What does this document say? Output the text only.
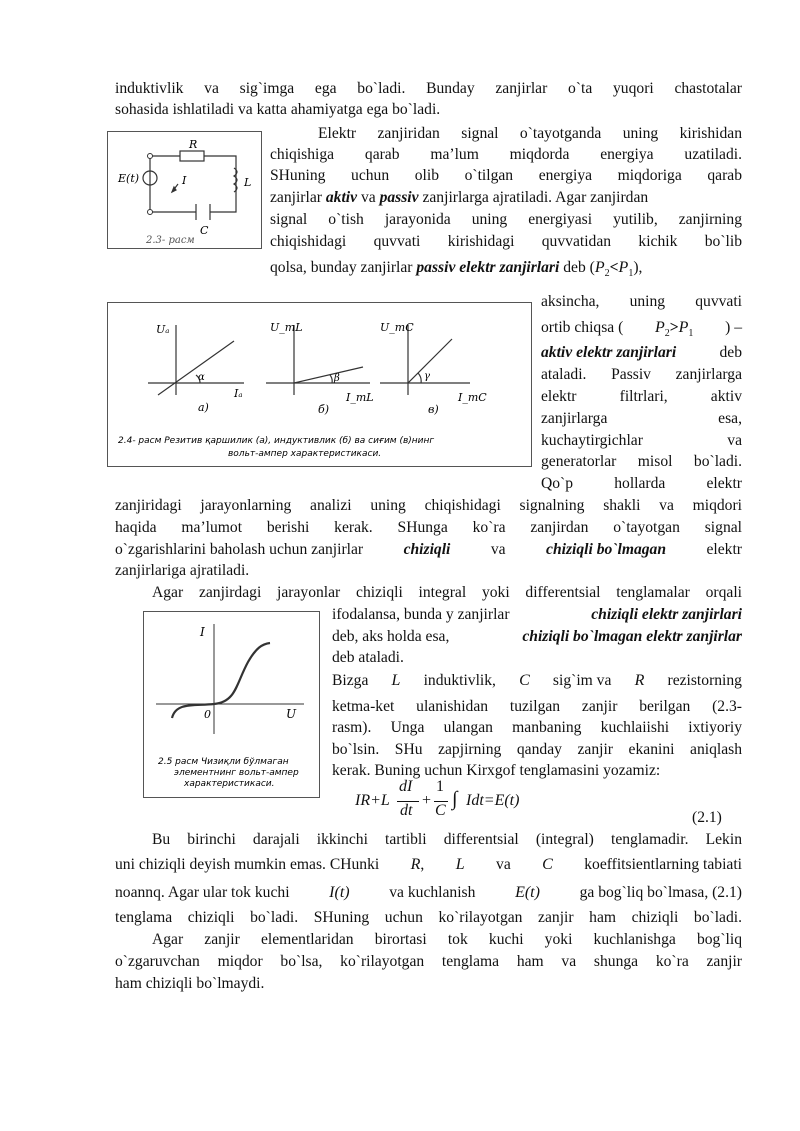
induktivlik va sig`imga ega bo`ladi. Bunday zanjirlar o`ta yuqori chastotalar
sohasida ishlatiladi va katta ahamiyatga ega bo`ladi.
R
L
C
E(t)	I
2.3- расм
Elektr zanjiridan signal o`tayotganda uning kirishidan
chiqishiga qarab ma’lum miqdorda energiya uzatiladi.
SHuning uchun olib o`tilgan energiya miqdoriga qarab
zanjirlar aktiv va passiv zanjirlarga ajratiladi. Agar zanjirdan
signal o`tish jarayonida uning energiyasi yutilib, zanjirning
chiqishidagi quvvati kirishidagi quvvatidan kichik bo`lib
qolsa, bunday zanjirlar passiv elektr zanjirlari deb $(P_2<P_1)$,
Uₐ
Iₐ
α
а)
U_mL
I_mL
β
б)
U_mC
I_mC
γ
в)
2.4- расм Резитив қаршилик (а), индуктивлик (б) ва сиғим (в)нинг
вольт-ампер характеристикаси.
aksincha, uning quvvati
ortib chiqsa ( $P_2>P_1$ ) –
aktiv elektr zanjirlari	deb
ataladi. Passiv zanjirlarga
elektr filtrlari, aktiv
zanjirlarga esa,
kuchaytirgichlar va
generatorlar misol bo`ladi.
Qo`p hollarda elektr
zanjiridagi jarayonlarning analizi uning chiqishidagi signalning shakli va miqdori
haqida ma’lumot berishi kerak. SHunga ko`ra zanjirdan o`tayotgan signal
o`zgarishlarini baholash uchun zanjirlar	chiziqli	va	chiziqli bo`lmagan	elektr
zanjirlariga ajratiladi.
Agar zanjirdagi jarayonlar chiziqli integral yoki differentsial tenglamalar orqali
I
U
0
2.5 расм Чизиқли бўлмаган
элементнинг вольт-ампер
характеристикаси.
ifodalansa, bunda y zanjirlar	chiziqli elektr zanjirlari
deb, aks holda esa,	chiziqli bo`lmagan elektr zanjirlar
deb ataladi.
Bizga L induktivlik, C sig`im va R rezistorning
ketma-ket ulanishidan tuzilgan zanjir berilgan (2.3-
rasm). Unga ulangan manbaning kuchlaiishi ixtiyoriy
bo`lsin. SHu zapjirning qanday zanjir ekanini aniqlash
kerak. Buning uchun Kirxgof tenglamasini yozamiz:
IR+L
dI
dt
+
1
C
∫ Idt=E(t)
(2.1)
Bu birinchi darajali ikkinchi tartibli differentsial (integral) tenglamadir. Lekin
uni chiziqli deyish mumkin emas. CHunki R, L va C koeffitsientlarning tabiati
noannq. Agar ular tok kuchi I(t)	va kuchlanish E(t)	ga bog`liq bo`lmasa, (2.1)
tenglama chiziqli bo`ladi. SHuning uchun ko`rilayotgan zanjir ham chiziqli bo`ladi.
Agar zanjir elementlaridan birortasi tok kuchi yoki kuchlanishga bog`liq
o`zgaruvchan miqdor bo`lsa, ko`rilayotgan tenglama ham va shunga ko`ra zanjir
ham chiziqli bo`lmaydi.
